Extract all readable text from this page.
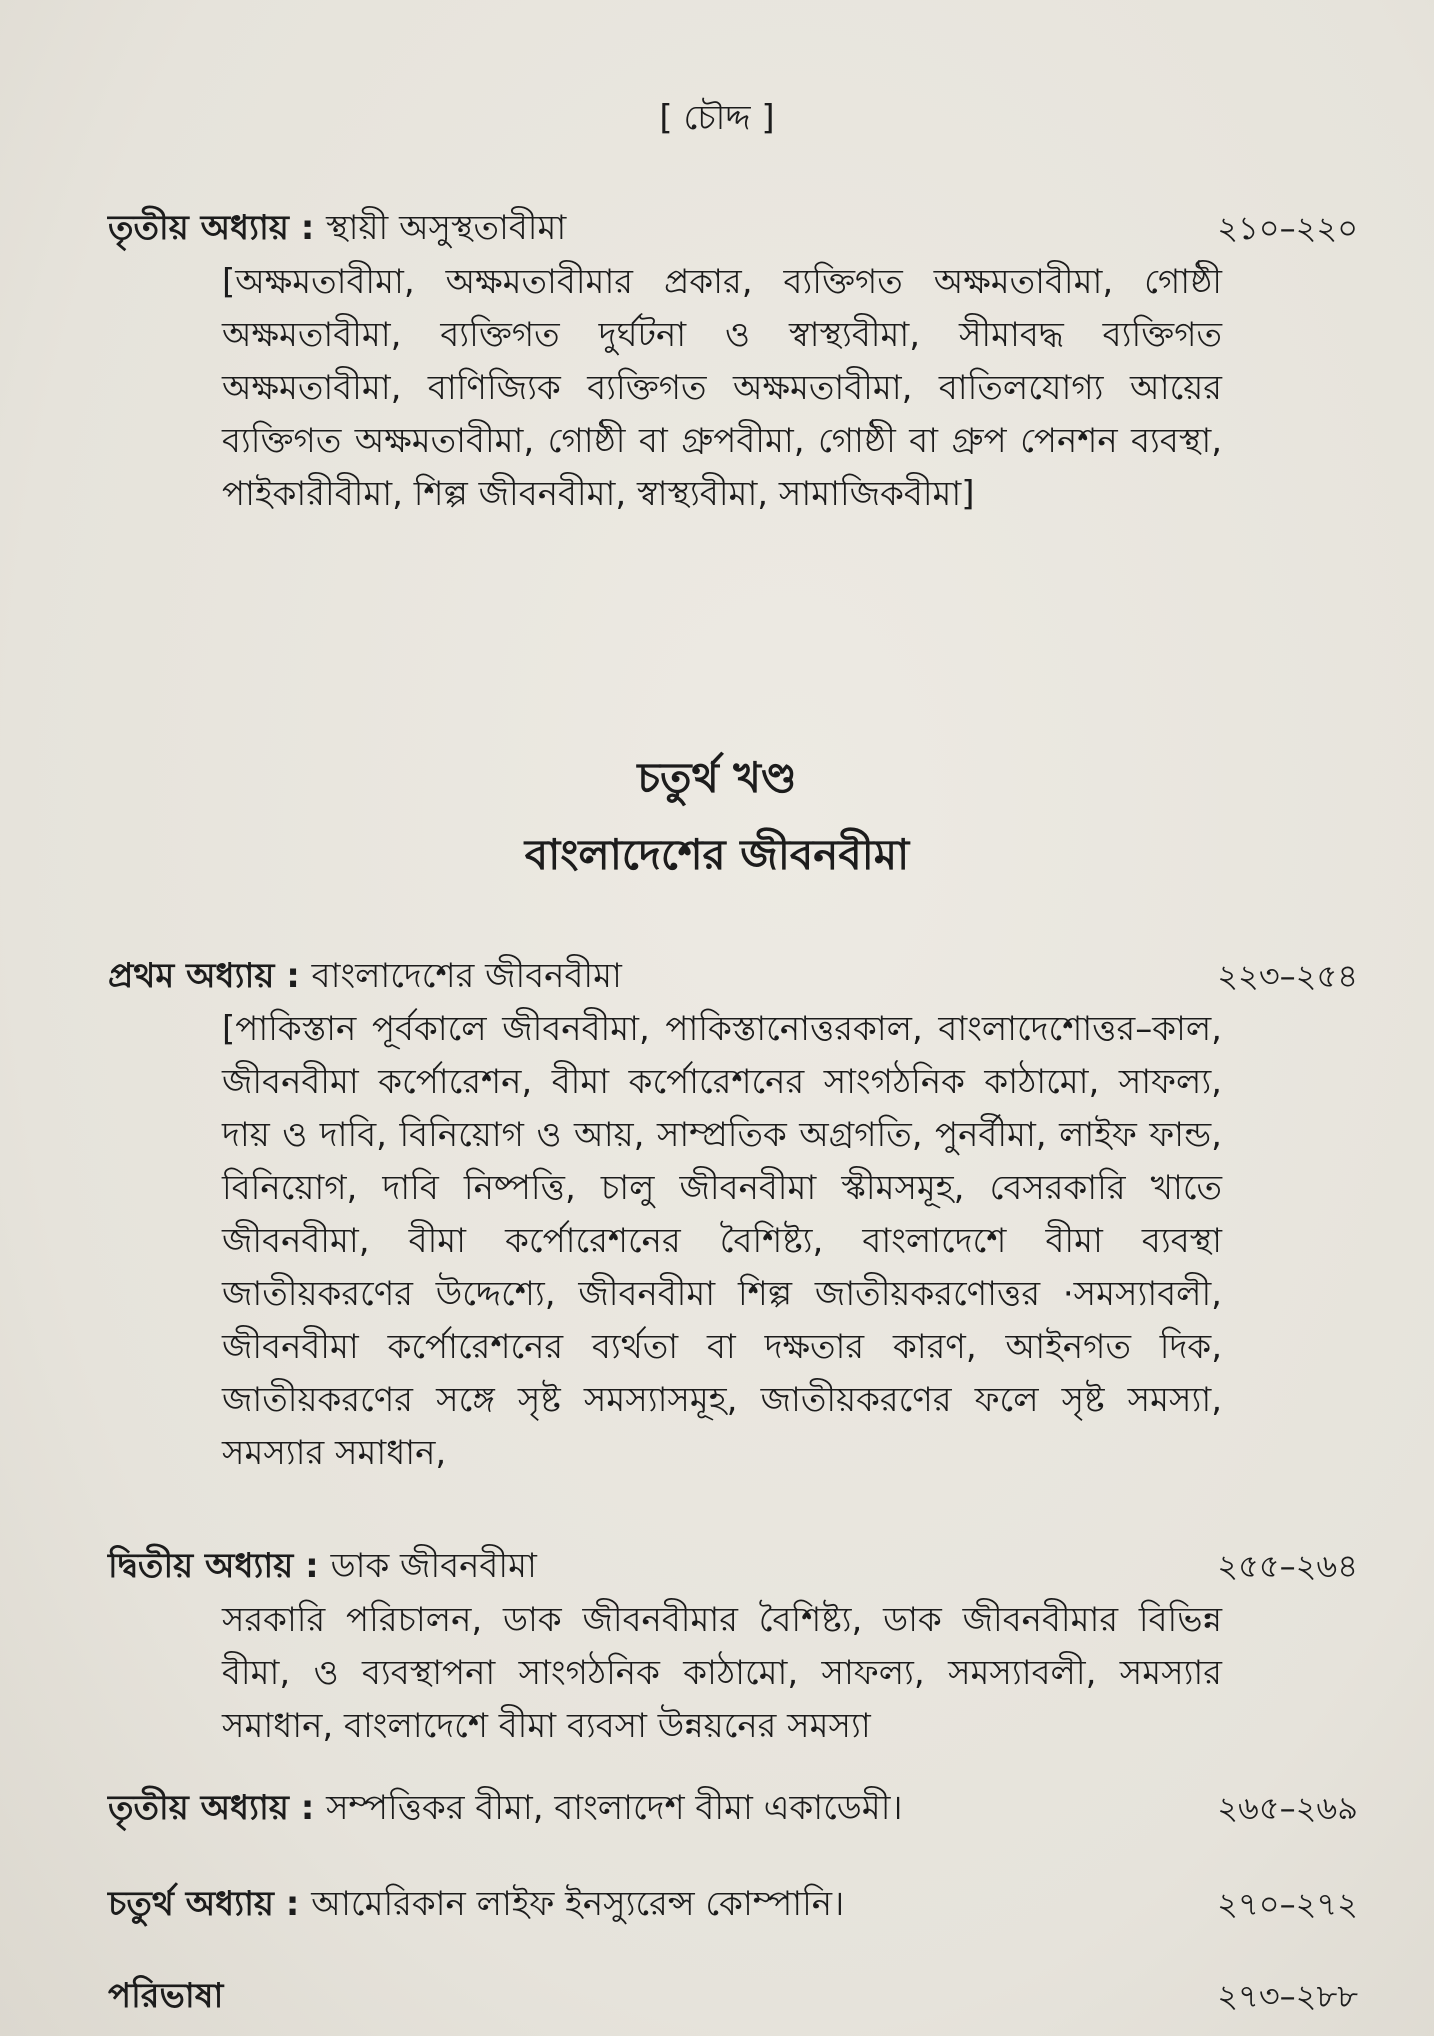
[ চৌদ্দ ]
তৃতীয় অধ্যায় : স্থায়ী অসুস্থতাবীমা	২১০–২২০
[অক্ষমতাবীমা, অক্ষমতাবীমার প্রকার, ব্যক্তিগত অক্ষমতাবীমা, গোষ্ঠী অক্ষমতাবীমা, ব্যক্তিগত দুর্ঘটনা ও স্বাস্থ্যবীমা, সীমাবদ্ধ ব্যক্তিগত অক্ষমতাবীমা, বাণিজ্যিক ব্যক্তিগত অক্ষমতাবীমা, বাতিলযোগ্য আয়ের ব্যক্তিগত অক্ষমতাবীমা, গোষ্ঠী বা গ্রুপবীমা, গোষ্ঠী বা গ্রুপ পেনশন ব্যবস্থা, পাইকারীবীমা, শিল্প জীবনবীমা, স্বাস্থ্যবীমা, সামাজিকবীমা]
চতুর্থ খণ্ড
বাংলাদেশের জীবনবীমা
প্রথম অধ্যায় : বাংলাদেশের জীবনবীমা	২২৩–২৫৪
[পাকিস্তান পূর্বকালে জীবনবীমা, পাকিস্তানোত্তরকাল, বাংলাদেশোত্তর–কাল, জীবনবীমা কর্পোরেশন, বীমা কর্পোরেশনের সাংগঠনিক কাঠামো, সাফল্য, দায় ও দাবি, বিনিয়োগ ও আয়, সাম্প্রতিক অগ্রগতি, পুনর্বীমা, লাইফ ফান্ড, বিনিয়োগ, দাবি নিষ্পত্তি, চালু জীবনবীমা স্কীমসমূহ, বেসরকারি খাতে জীবনবীমা, বীমা কর্পোরেশনের বৈশিষ্ট্য, বাংলাদেশে বীমা ব্যবস্থা জাতীয়করণের উদ্দেশ্যে, জীবনবীমা শিল্প জাতীয়করণোত্তর ·সমস্যাবলী, জীবনবীমা কর্পোরেশনের ব্যর্থতা বা দক্ষতার কারণ, আইনগত দিক, জাতীয়করণের সঙ্গে সৃষ্ট সমস্যাসমূহ, জাতীয়করণের ফলে সৃষ্ট সমস্যা, সমস্যার সমাধান,
দ্বিতীয় অধ্যায় : ডাক জীবনবীমা	২৫৫–২৬৪
সরকারি পরিচালন, ডাক জীবনবীমার বৈশিষ্ট্য, ডাক জীবনবীমার বিভিন্ন বীমা, ও ব্যবস্থাপনা সাংগঠনিক কাঠামো, সাফল্য, সমস্যাবলী, সমস্যার সমাধান, বাংলাদেশে বীমা ব্যবসা উন্নয়নের সমস্যা
তৃতীয় অধ্যায় : সম্পত্তিকর বীমা, বাংলাদেশ বীমা একাডেমী।	২৬৫–২৬৯
চতুর্থ অধ্যায় : আমেরিকান লাইফ ইনস্যুরেন্স কোম্পানি।	২৭০–২৭২
পরিভাষা	২৭৩–২৮৮
